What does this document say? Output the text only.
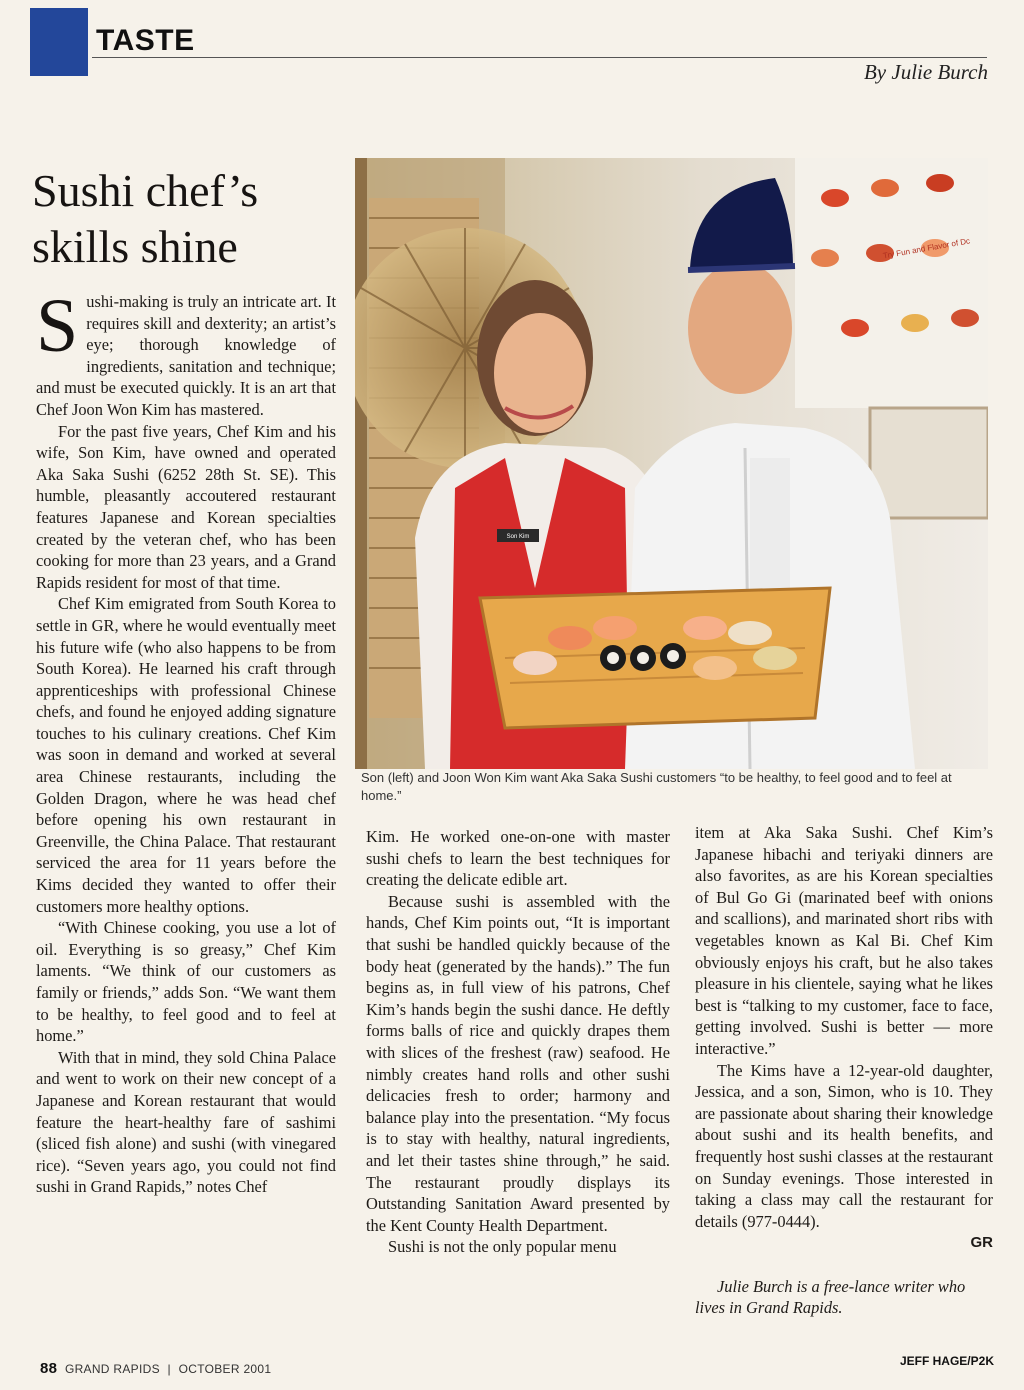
TASTE
By Julie Burch
Sushi chef’s skills shine

Sushi-making is truly an intricate art. It requires skill and dexterity; an artist’s eye; thorough knowledge of ingredients, sanitation and technique; and must be executed quickly. It is an art that Chef Joon Won Kim has mastered.

For the past five years, Chef Kim and his wife, Son Kim, have owned and operated Aka Saka Sushi (6252 28th St. SE). This humble, pleasantly accoutered restaurant features Japanese and Korean specialties created by the veteran chef, who has been cooking for more than 23 years, and a Grand Rapids resident for most of that time.

Chef Kim emigrated from South Korea to settle in GR, where he would eventually meet his future wife (who also happens to be from South Korea). He learned his craft through apprenticeships with professional Chinese chefs, and found he enjoyed adding signature touches to his culinary creations. Chef Kim was soon in demand and worked at several area Chinese restaurants, including the Golden Dragon, where he was head chef before opening his own restaurant in Greenville, the China Palace. That restaurant serviced the area for 11 years before the Kims decided they wanted to offer their customers more healthy options.

“With Chinese cooking, you use a lot of oil. Everything is so greasy,” Chef Kim laments. “We think of our customers as family or friends,” adds Son. “We want them to be healthy, to feel good and to feel at home.”

With that in mind, they sold China Palace and went to work on their new concept of a Japanese and Korean restaurant that would feature the heart-healthy fare of sashimi (sliced fish alone) and sushi (with vinegared rice). “Seven years ago, you could not find sushi in Grand Rapids,” notes Chef

Try Fun and Flavor of Dc
Son Kim
Son (left) and Joon Won Kim want Aka Saka Sushi customers “to be healthy, to feel good and to feel at home.”

Kim. He worked one-on-one with master sushi chefs to learn the best techniques for creating the delicate edible art.

Because sushi is assembled with the hands, Chef Kim points out, “It is important that sushi be handled quickly because of the body heat (generated by the hands).” The fun begins as, in full view of his patrons, Chef Kim’s hands begin the sushi dance. He deftly forms balls of rice and quickly drapes them with slices of the freshest (raw) seafood. He nimbly creates hand rolls and other sushi delicacies fresh to order; harmony and balance play into the presentation. “My focus is to stay with healthy, natural ingredients, and let their tastes shine through,” he said. The restaurant proudly displays its Outstanding Sanitation Award presented by the Kent County Health Department.

Sushi is not the only popular menu

item at Aka Saka Sushi. Chef Kim’s Japanese hibachi and teriyaki dinners are also favorites, as are his Korean specialties of Bul Go Gi (marinated beef with onions and scallions), and marinated short ribs with vegetables known as Kal Bi. Chef Kim obviously enjoys his craft, but he also takes pleasure in his clientele, saying what he likes best is “talking to my customer, face to face, getting involved. Sushi is better — more interactive.”

The Kims have a 12-year-old daughter, Jessica, and a son, Simon, who is 10. They are passionate about sharing their knowledge about sushi and its health benefits, and frequently host sushi classes at the restaurant on Sunday evenings. Those interested in taking a class may call the restaurant for details (977-0444).

GR

Julie Burch is a free-lance writer who lives in Grand Rapids.

88 GRAND RAPIDS | OCTOBER 2001
JEFF HAGE/P2K
